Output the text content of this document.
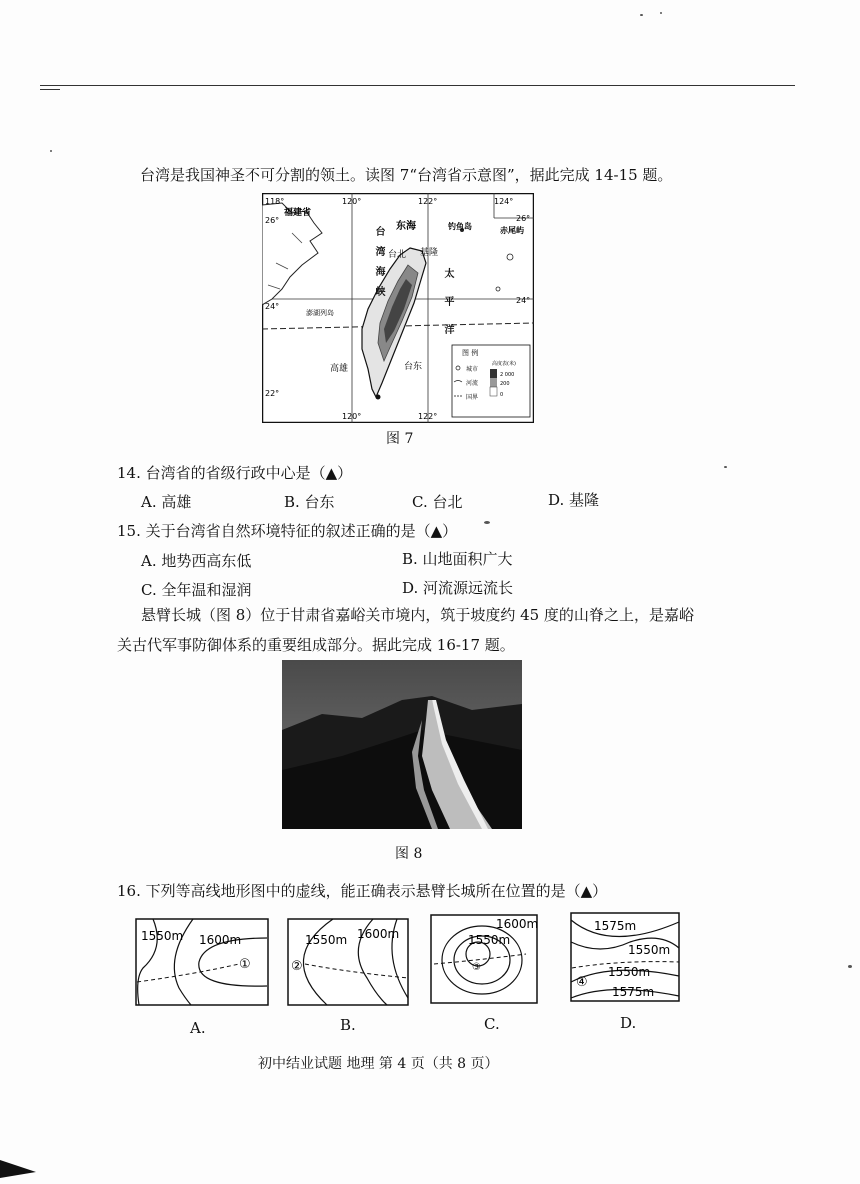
台湾是我国神圣不可分割的领土。读图 7“台湾省示意图”，据此完成 14-15 题。
118°	120°	122°	124°
26°
24°
22°
26°
24°
120°	122°
福建省
东海	钓鱼岛	赤尾屿
台北 基隆
澎湖列岛
高雄	台东
图 例
城市
河流
国界
高度表(米)
2 000
200
0
台湾海峡
太平洋
图 7
14. 台湾省的省级行政中心是（▲）
A. 高雄	B. 台东	C. 台北	D. 基隆
15. 关于台湾省自然环境特征的叙述正确的是（▲）
A. 地势西高东低	B. 山地面积广大
C. 全年温和湿润	D. 河流源远流长
悬臂长城（图 8）位于甘肃省嘉峪关市境内，筑于坡度约 45 度的山脊之上，是嘉峪
关古代军事防御体系的重要组成部分。据此完成 16-17 题。
图 8
16. 下列等高线地形图中的虚线，能正确表示悬臂长城所在位置的是（▲）
1550m 1600m
①
A.
1550m 1600m
②
B.
1600m
1550m
③
C.
1575m
1550m
1550m
1575m
④
D.
初中结业试题 地理 第 4 页（共 8 页）
